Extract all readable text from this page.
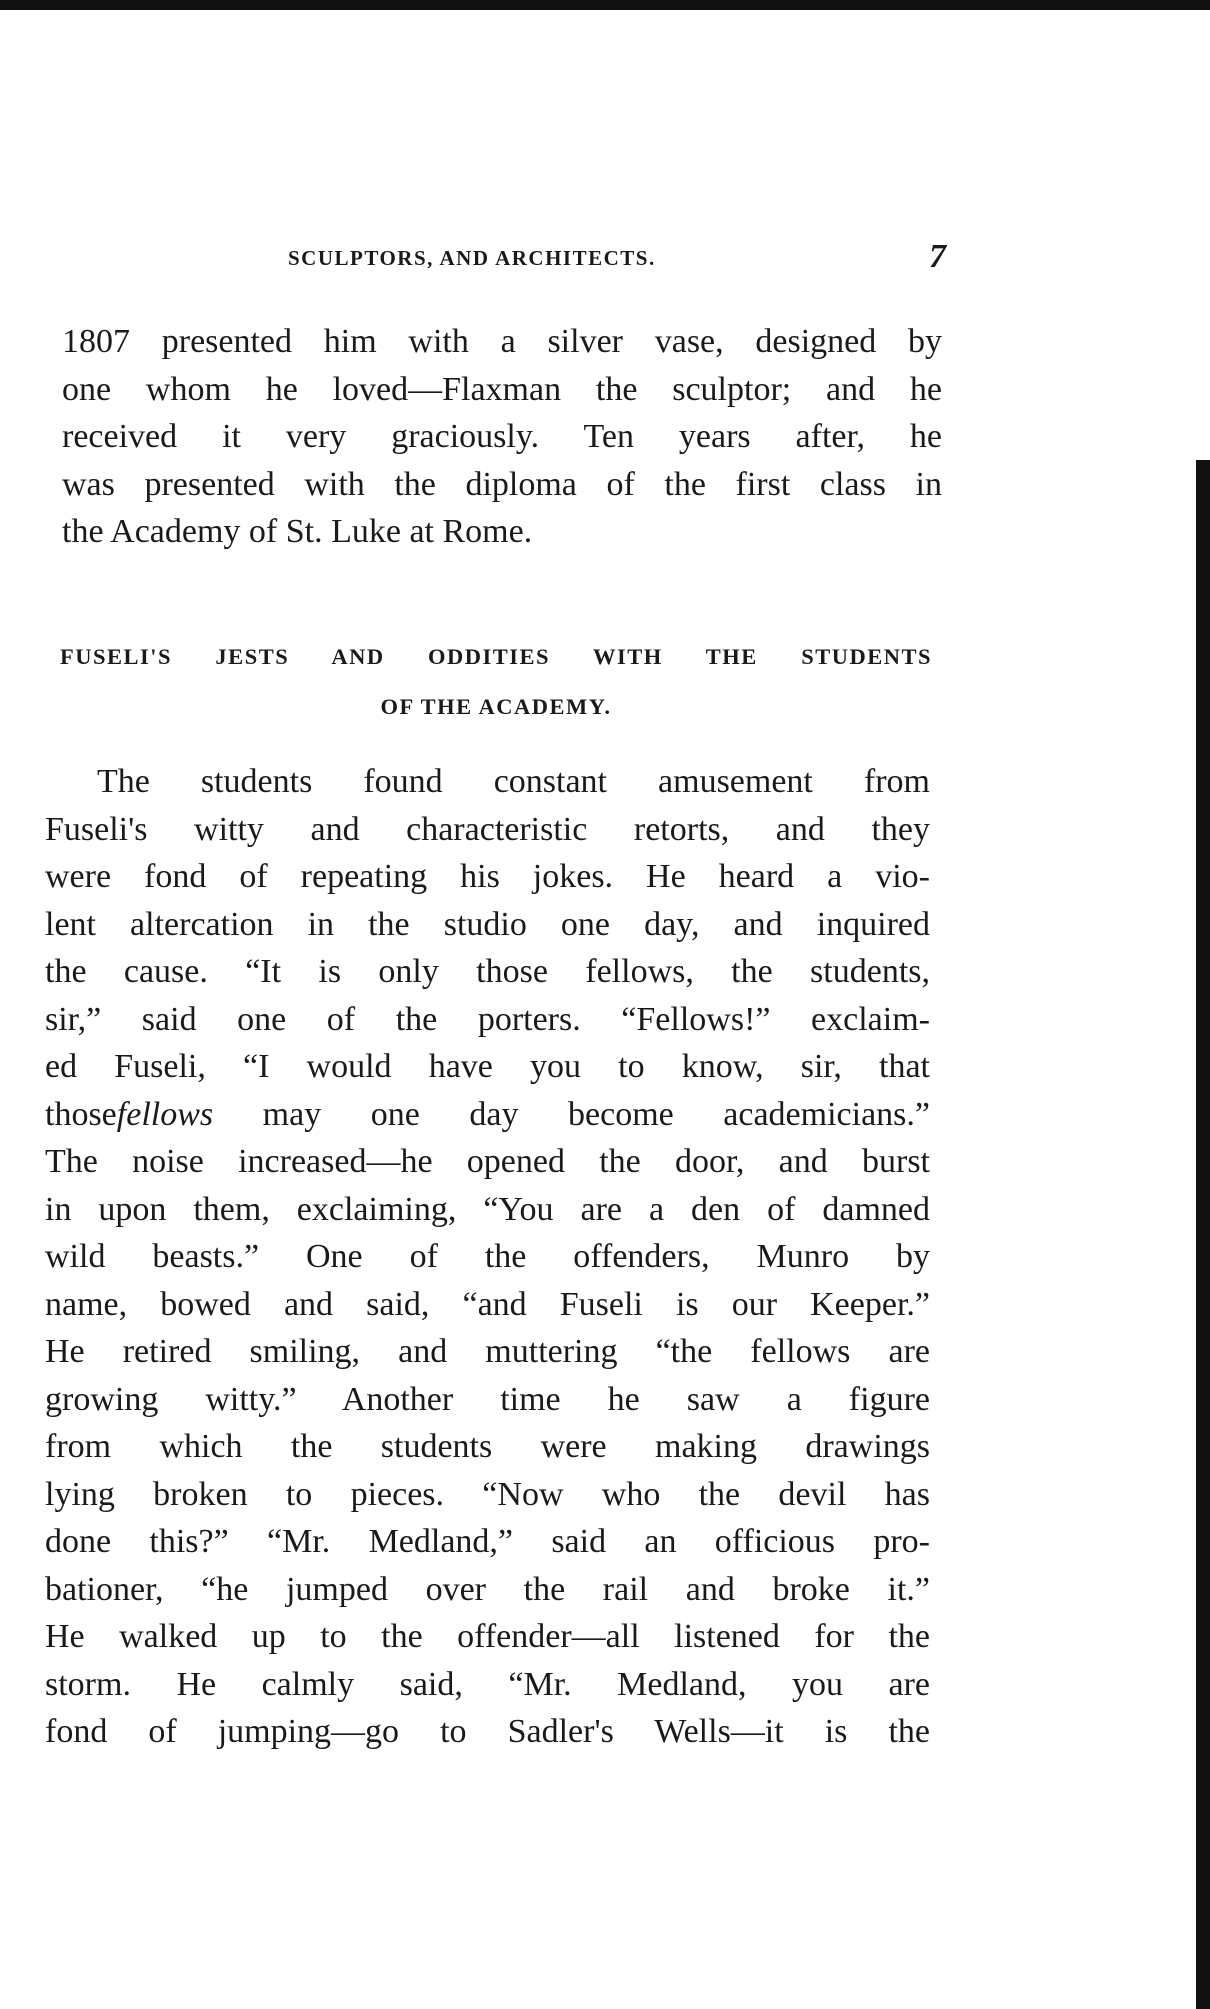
SCULPTORS, AND ARCHITECTS.	7
1807 presented him with a silver vase, designed by
one whom he loved—Flaxman the sculptor; and he
received it very graciously. Ten years after, he
was presented with the diploma of the first class in
the Academy of St. Luke at Rome.
FUSELI'S JESTS AND ODDITIES WITH THE STUDENTS
OF THE ACADEMY.
The students found constant amusement from
Fuseli's witty and characteristic retorts, and they
were fond of repeating his jokes. He heard a vio-
lent altercation in the studio one day, and inquired
the cause. “It is only those fellows, the students,
sir,” said one of the porters. “Fellows!” exclaim-
ed Fuseli, “I would have you to know, sir, that
thosefellows may one day become academicians.”
The noise increased—he opened the door, and burst
in upon them, exclaiming, “You are a den of damned
wild beasts.” One of the offenders, Munro by
name, bowed and said, “and Fuseli is our Keeper.”
He retired smiling, and muttering “the fellows are
growing witty.” Another time he saw a figure
from which the students were making drawings
lying broken to pieces. “Now who the devil has
done this?” “Mr. Medland,” said an officious pro-
bationer, “he jumped over the rail and broke it.”
He walked up to the offender—all listened for the
storm. He calmly said, “Mr. Medland, you are
fond of jumping—go to Sadler's Wells—it is the
